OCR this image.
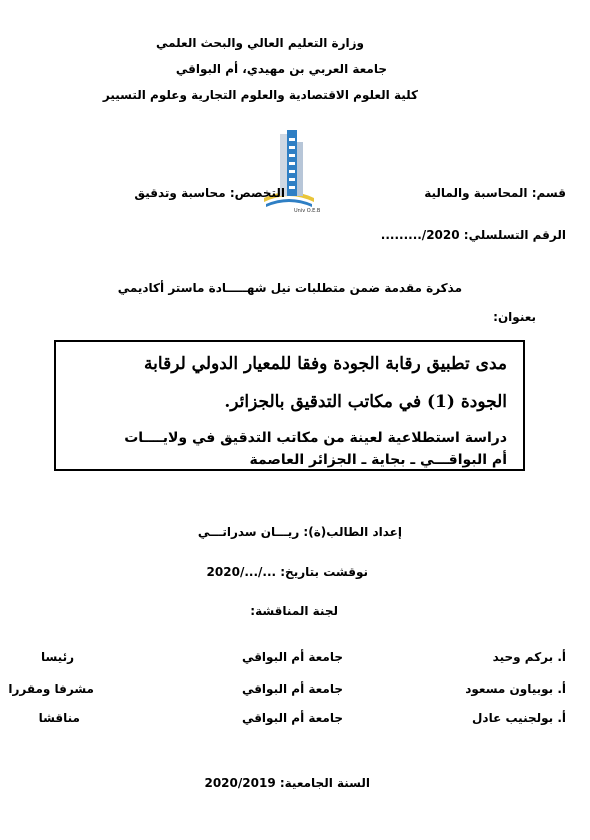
وزارة التعليم العالي والبحث العلمي
جامعة العربي بن مهيدي، أم البواقي
كلية العلوم الاقتصادية والعلوم التجارية وعلوم التسيير
Univ O.E.B
قسم: المحاسبة والمالية
التخصص: محاسبة وتدقيق
الرقم التسلسلي: ........./2020
مذكرة مقدمة ضمن متطلبات نيل شهـــــادة ماستر أكاديمي
بعنوان:
مدى تطبيق رقابة الجودة وفقا للمعيار الدولي لرقابة
الجودة (1) في مكاتب التدقيق بالجزائر.
دراسة استطلاعية لعينة من مكاتب التدقيق في ولايــــات
أم البواقـــي ـ بجاية ـ الجزائر العاصمة
إعداد الطالب(ة): ريـــان سدراتـــي
نوقشت بتاريخ: 2020/.../...
لجنة المناقشة:
أ. بركم وحيد
جامعة أم البواقي
رئيسا
أ. بوبياون مسعود
جامعة أم البواقي
مشرفا ومقررا
أ. بولجنيب عادل
جامعة أم البواقي
مناقشا
السنة الجامعية: 2020/2019
